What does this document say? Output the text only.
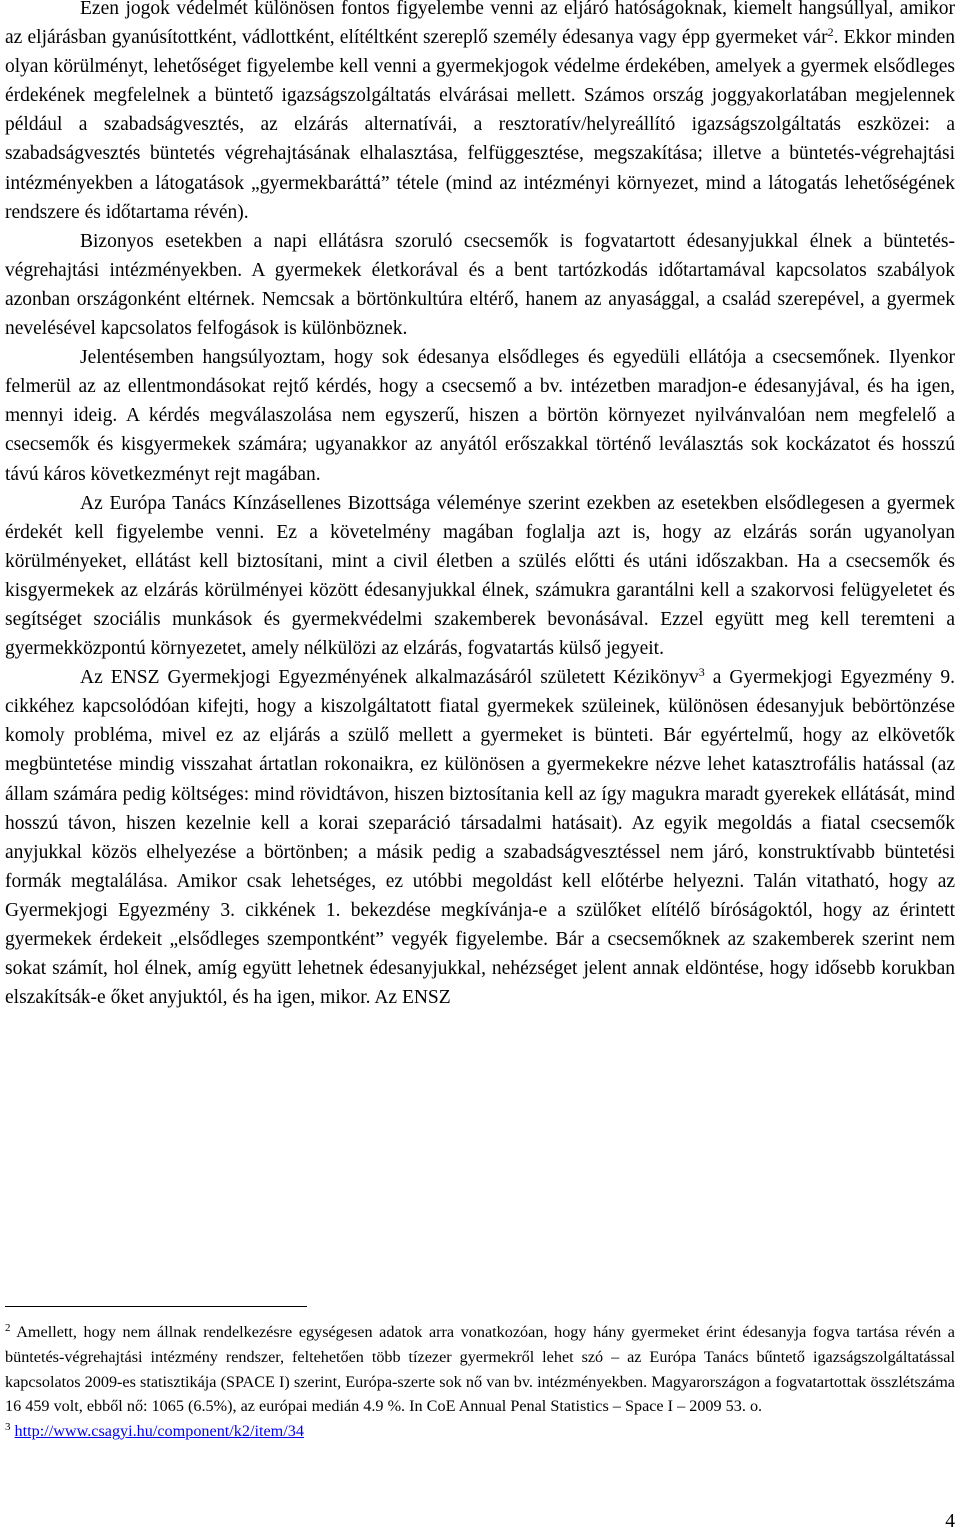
Ezen jogok védelmét különösen fontos figyelembe venni az eljáró hatóságoknak, kiemelt hangsúllyal, amikor az eljárásban gyanúsítottként, vádlottként, elítéltként szereplő személy édesanya vagy épp gyermeket vár$^2$. Ekkor minden olyan körülményt, lehetőséget figyelembe kell venni a gyermekjogok védelme érdekében, amelyek a gyermek elsődleges érdekének megfelelnek a büntető igazságszolgáltatás elvárásai mellett. Számos ország joggyakorlatában megjelennek például a szabadságvesztés, az elzárás alternatívái, a resztoratív/helyreállító igazságszolgáltatás eszközei: a szabadságvesztés büntetés végrehajtásának elhalasztása, felfüggesztése, megszakítása; illetve a büntetés-végrehajtási intézményekben a látogatások „gyermekbaráttá” tétele (mind az intézményi környezet, mind a látogatás lehetőségének rendszere és időtartama révén).

Bizonyos esetekben a napi ellátásra szoruló csecsemők is fogvatartott édesanyjukkal élnek a büntetés-végrehajtási intézményekben. A gyermekek életkorával és a bent tartózkodás időtartamával kapcsolatos szabályok azonban országonként eltérnek. Nemcsak a börtönkultúra eltérő, hanem az anyasággal, a család szerepével, a gyermek nevelésével kapcsolatos felfogások is különböznek.

Jelentésemben hangsúlyoztam, hogy sok édesanya elsődleges és egyedüli ellátója a csecsemőnek. Ilyenkor felmerül az az ellentmondásokat rejtő kérdés, hogy a csecsemő a bv. intézetben maradjon-e édesanyjával, és ha igen, mennyi ideig. A kérdés megválaszolása nem egyszerű, hiszen a börtön környezet nyilvánvalóan nem megfelelő a csecsemők és kisgyermekek számára; ugyanakkor az anyától erőszakkal történő leválasztás sok kockázatot és hosszú távú káros következményt rejt magában.

Az Európa Tanács Kínzásellenes Bizottsága véleménye szerint ezekben az esetekben elsődlegesen a gyermek érdekét kell figyelembe venni. Ez a követelmény magában foglalja azt is, hogy az elzárás során ugyanolyan körülményeket, ellátást kell biztosítani, mint a civil életben a szülés előtti és utáni időszakban. Ha a csecsemők és kisgyermekek az elzárás körülményei között édesanyjukkal élnek, számukra garantálni kell a szakorvosi felügyeletet és segítséget szociális munkások és gyermekvédelmi szakemberek bevonásával. Ezzel együtt meg kell teremteni a gyermekközpontú környezetet, amely nélkülözi az elzárás, fogvatartás külső jegyeit.

Az ENSZ Gyermekjogi Egyezményének alkalmazásáról született Kézikönyv$^3$ a Gyermekjogi Egyezmény 9. cikkéhez kapcsolódóan kifejti, hogy a kiszolgáltatott fiatal gyermekek szüleinek, különösen édesanyjuk bebörtönzése komoly probléma, mivel ez az eljárás a szülő mellett a gyermeket is bünteti. Bár egyértelmű, hogy az elkövetők megbüntetése mindig visszahat ártatlan rokonaikra, ez különösen a gyermekekre nézve lehet katasztrofális hatással (az állam számára pedig költséges: mind rövidtávon, hiszen biztosítania kell az így magukra maradt gyerekek ellátását, mind hosszú távon, hiszen kezelnie kell a korai szeparáció társadalmi hatásait). Az egyik megoldás a fiatal csecsemők anyjukkal közös elhelyezése a börtönben; a másik pedig a szabadságvesztéssel nem járó, konstruktívabb büntetési formák megtalálása. Amikor csak lehetséges, ez utóbbi megoldást kell előtérbe helyezni. Talán vitatható, hogy az Gyermekjogi Egyezmény 3. cikkének 1. bekezdése megkívánja-e a szülőket elítélő bíróságoktól, hogy az érintett gyermekek érdekeit „elsődleges szempontként” vegyék figyelembe. Bár a csecsemőknek az szakemberek szerint nem sokat számít, hol élnek, amíg együtt lehetnek édesanyjukkal, nehézséget jelent annak eldöntése, hogy idősebb korukban elszakítsák-e őket anyjuktól, és ha igen, mikor. Az ENSZ

$^2$ Amellett, hogy nem állnak rendelkezésre egységesen adatok arra vonatkozóan, hogy hány gyermeket érint édesanyja fogva tartása révén a büntetés-végrehajtási intézmény rendszer, feltehetően több tízezer gyermekről lehet szó – az Európa Tanács bűntető igazságszolgáltatással kapcsolatos 2009-es statisztikája (SPACE I) szerint, Európa-szerte sok nő van bv. intézményekben. Magyarországon a fogvatartottak összlétszáma 16 459 volt, ebből nő: 1065 (6.5%), az európai medián 4.9 %. In CoE Annual Penal Statistics – Space I – 2009 53. o.

$^3$ http://www.csagyi.hu/component/k2/item/34

4
